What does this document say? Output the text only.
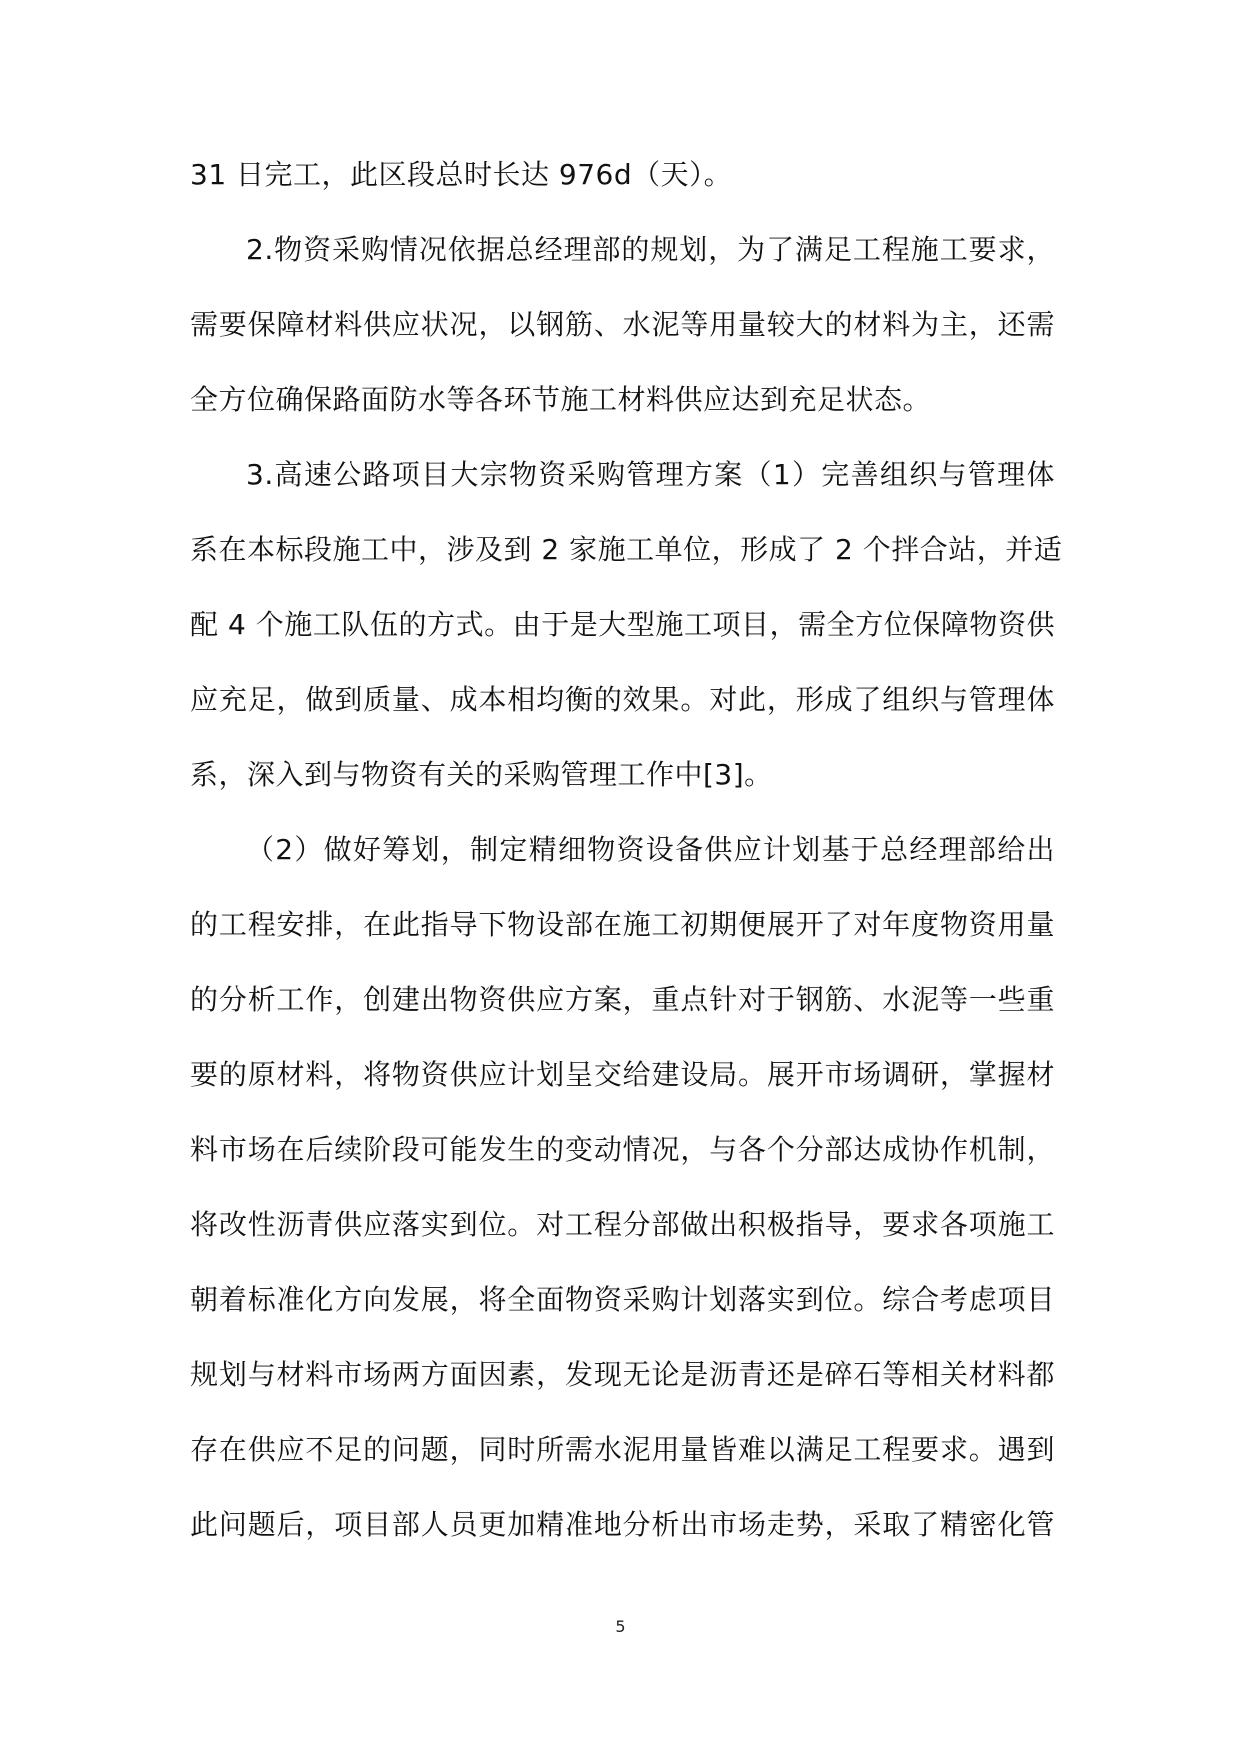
31 日完工，此区段总时长达 976d（天）。
2.物资采购情况依据总经理部的规划，为了满足工程施工要求，
需要保障材料供应状况，以钢筋、水泥等用量较大的材料为主，还需
全方位确保路面防水等各环节施工材料供应达到充足状态。
3.高速公路项目大宗物资采购管理方案（1）完善组织与管理体
系在本标段施工中，涉及到 2 家施工单位，形成了 2 个拌合站，并适
配 4 个施工队伍的方式。由于是大型施工项目，需全方位保障物资供
应充足，做到质量、成本相均衡的效果。对此，形成了组织与管理体
系，深入到与物资有关的采购管理工作中[3]。
（2）做好筹划，制定精细物资设备供应计划基于总经理部给出
的工程安排，在此指导下物设部在施工初期便展开了对年度物资用量
的分析工作，创建出物资供应方案，重点针对于钢筋、水泥等一些重
要的原材料，将物资供应计划呈交给建设局。展开市场调研，掌握材
料市场在后续阶段可能发生的变动情况，与各个分部达成协作机制，
将改性沥青供应落实到位。对工程分部做出积极指导，要求各项施工
朝着标准化方向发展，将全面物资采购计划落实到位。综合考虑项目
规划与材料市场两方面因素，发现无论是沥青还是碎石等相关材料都
存在供应不足的问题，同时所需水泥用量皆难以满足工程要求。遇到
此问题后，项目部人员更加精准地分析出市场走势，采取了精密化管
5
